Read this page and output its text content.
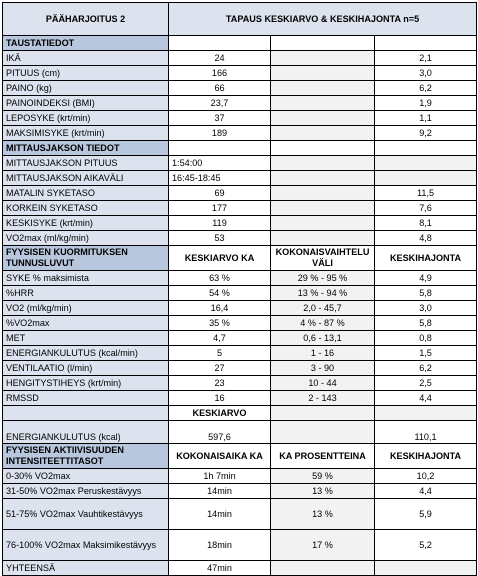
PÄÄHARJOITUS 2	TAPAUS KESKIARVO & KESKIHAJONTA n=5		
TAUSTATIEDOT			
IKÄ	24		2,1
PITUUS (cm)	166		3,0
PAINO (kg)	66		6,2
PAINOINDEKSI (BMI)	23,7		1,9
LEPOSYKE (krt/min)	37		1,1
MAKSIMISYKE (krt/min)	189		9,2
MITTAUSJAKSON TIEDOT			
MITTAUSJAKSON PITUUS	1:54:00		
MITTAUSJAKSON AIKAVÄLI	16:45-18:45		
MATALIN SYKETASO	69		11,5
KORKEIN SYKETASO	177		7,6
KESKISYKE (krt/min)	119		8,1
VO2max (ml/kg/min)	53		4,8
FYYSISEN KUORMITUKSEN TUNNUSLUVUT	KESKIARVO KA	KOKONAISVAIHTELU VÄLI	KESKIHAJONTA
SYKE % maksimista	63 %	29 % - 95 %	4,9
%HRR	54 %	13 % - 94 %	5,8
VO2 (ml/kg/min)	16,4	2,0 - 45,7	3,0
%VO2max	35 %	4 % - 87 %	5,8
MET	4,7	0,6 - 13,1	0,8
ENERGIANKULUTUS (kcal/min)	5	1 - 16	1,5
VENTILAATIO (l/min)	27	3 - 90	6,2
HENGITYSTIHEYS (krt/min)	23	10 - 44	2,5
RMSSD	16	2 - 143	4,4
	KESKIARVO		
ENERGIANKULUTUS (kcal)	597,6		110,1
FYYSISEN AKTIIVISUUDEN INTENSITEETTITASOT	KOKONAISAIKA KA	KA PROSENTTEINA	KESKIHAJONTA
0-30% VO2max	1h 7min	59 %	10,2
31-50% VO2max Peruskestävyys	14min	13 %	4,4
51-75% VO2max Vauhtikestävyys	14min	13 %	5,9
76-100% VO2max Maksimikestävyys	18min	17 %	5,2
YHTEENSÄ	47min		
